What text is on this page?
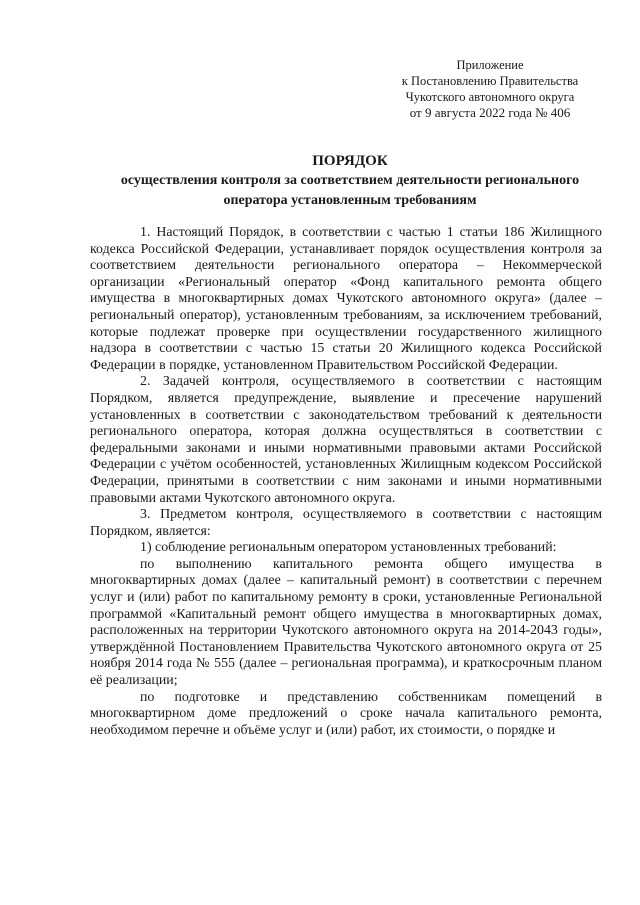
Приложение
к Постановлению Правительства
Чукотского автономного округа
от 9 августа 2022 года № 406
ПОРЯДОК
осуществления контроля за соответствием деятельности регионального
оператора установленным требованиям

1. Настоящий Порядок, в соответствии с частью 1 статьи 186 Жилищного кодекса Российской Федерации, устанавливает порядок осуществления контроля за соответствием деятельности регионального оператора – Некоммерческой организации «Региональный оператор «Фонд капитального ремонта общего имущества в многоквартирных домах Чукотского автономного округа» (далее – региональный оператор), установленным требованиям, за исключением требований, которые подлежат проверке при осуществлении государственного жилищного надзора в соответствии с частью 15 статьи 20 Жилищного кодекса Российской Федерации в порядке, установленном Правительством Российской Федерации.

2. Задачей контроля, осуществляемого в соответствии с настоящим Порядком, является предупреждение, выявление и пресечение нарушений установленных в соответствии с законодательством требований к деятельности регионального оператора, которая должна осуществляться в соответствии с федеральными законами и иными нормативными правовыми актами Российской Федерации с учётом особенностей, установленных Жилищным кодексом Российской Федерации, принятыми в соответствии с ним законами и иными нормативными правовыми актами Чукотского автономного округа.

3. Предметом контроля, осуществляемого в соответствии с настоящим Порядком, является:

1) соблюдение региональным оператором установленных требований:

по выполнению капитального ремонта общего имущества в многоквартирных домах (далее – капитальный ремонт) в соответствии с перечнем услуг и (или) работ по капитальному ремонту в сроки, установленные Региональной программой «Капитальный ремонт общего имущества в многоквартирных домах, расположенных на территории Чукотского автономного округа на 2014-2043 годы», утверждённой Постановлением Правительства Чукотского автономного округа от 25 ноября 2014 года № 555 (далее – региональная программа), и краткосрочным планом её реализации;

по подготовке и представлению собственникам помещений в многоквартирном доме предложений о сроке начала капитального ремонта, необходимом перечне и объёме услуг и (или) работ, их стоимости, о порядке и
